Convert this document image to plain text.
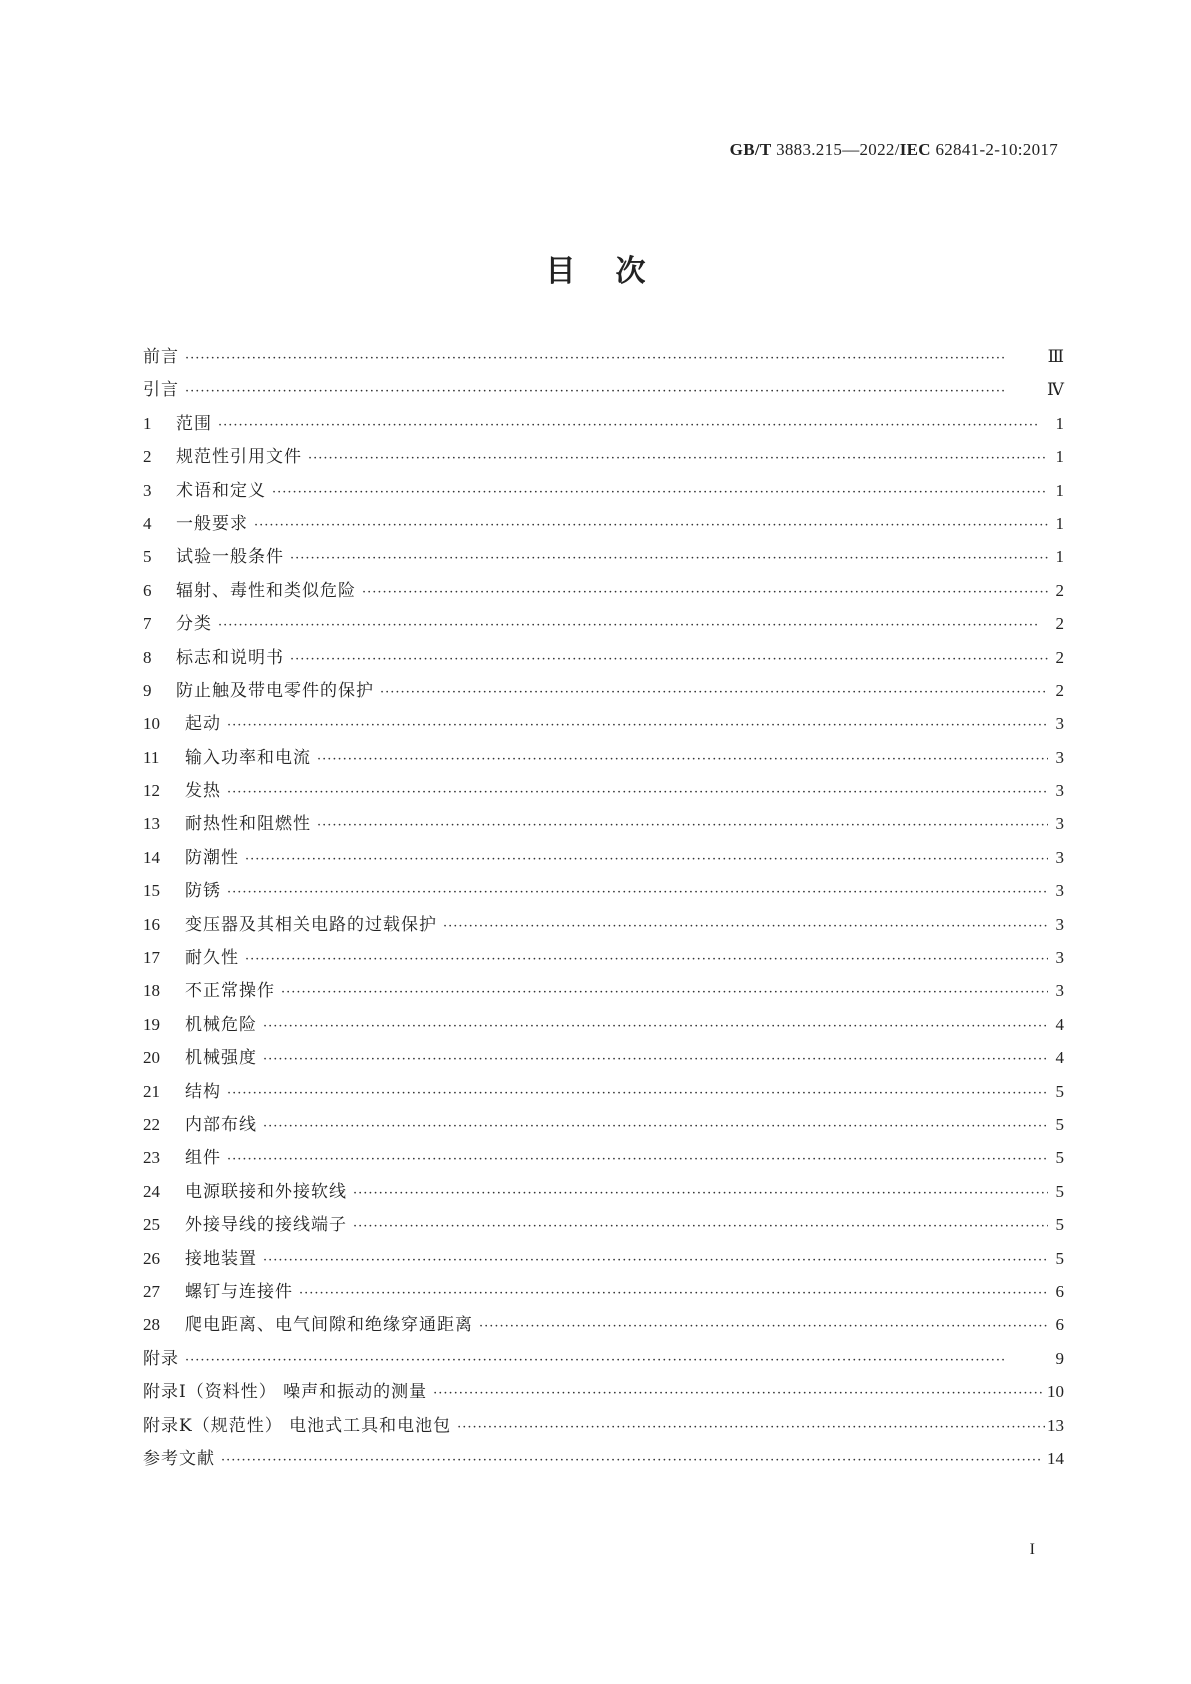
GB/T 3883.215—2022/IEC 62841-2-10:2017
目次
前言 ·····	Ⅲ
引言 ·····	Ⅳ
1	范围 ·····	1
2	规范性引用文件 ·····	1
3	术语和定义 ·····	1
4	一般要求 ·····	1
5	试验一般条件 ·····	1
6	辐射、毒性和类似危险 ·····	2
7	分类 ·····	2
8	标志和说明书 ·····	2
9	防止触及带电零件的保护 ·····	2
10	起动 ·····	3
11	输入功率和电流 ·····	3
12	发热 ·····	3
13	耐热性和阻燃性 ·····	3
14	防潮性 ·····	3
15	防锈 ·····	3
16	变压器及其相关电路的过载保护 ·····	3
17	耐久性 ·····	3
18	不正常操作 ·····	3
19	机械危险 ·····	4
20	机械强度 ·····	4
21	结构 ·····	5
22	内部布线 ·····	5
23	组件 ·····	5
24	电源联接和外接软线 ·····	5
25	外接导线的接线端子 ·····	5
26	接地装置 ·····	5
27	螺钉与连接件 ·····	6
28	爬电距离、电气间隙和绝缘穿通距离 ·····	6
附录 ·····	9
附录I（资料性） 噪声和振动的测量 ·····	10
附录K（规范性） 电池式工具和电池包 ·····	13
参考文献 ·····	14
I
